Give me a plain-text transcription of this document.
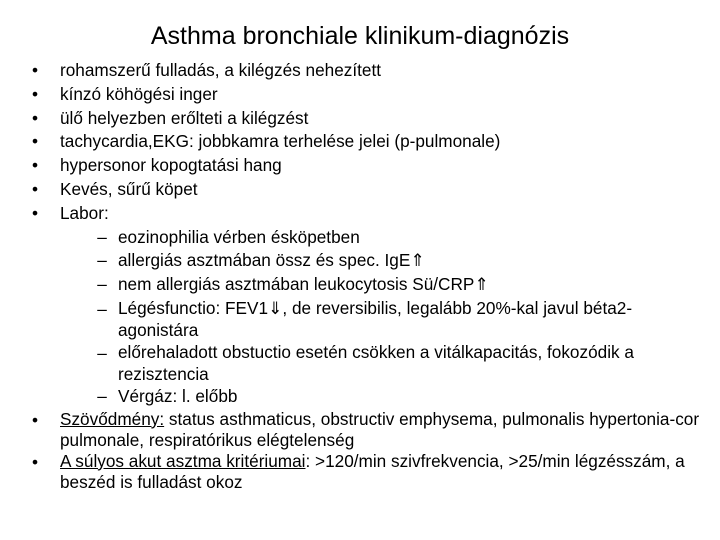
Asthma bronchiale klinikum-diagnózis
• rohamszerű fulladás, a kilégzés nehezített
• kínzó köhögési inger
• ülő helyezben erőlteti a kilégzést
• tachycardia,EKG: jobbkamra terhelése jelei (p-pulmonale)
• hypersonor kopogtatási hang
• Kevés, sűrű köpet
• Labor:
– eozinophilia vérben ésköpetben
– allergiás asztmában össz és spec. IgE⇑
– nem allergiás asztmában leukocytosis Sü/CRP⇑
– Légésfunctio: FEV1⇓, de reversibilis, legalább 20%-kal javul béta2-agonistára
– előrehaladott obstuctio esetén csökken a vitálkapacitás, fokozódik a rezisztencia
– Vérgáz: l. előbb
• Szövődmény: status asthmaticus, obstructiv emphysema, pulmonalis hypertonia-cor pulmonale, respiratórikus elégtelenség
• A súlyos akut asztma kritériumai: >120/min szivfrekvencia, >25/min légzésszám, a beszéd is fulladást okoz
